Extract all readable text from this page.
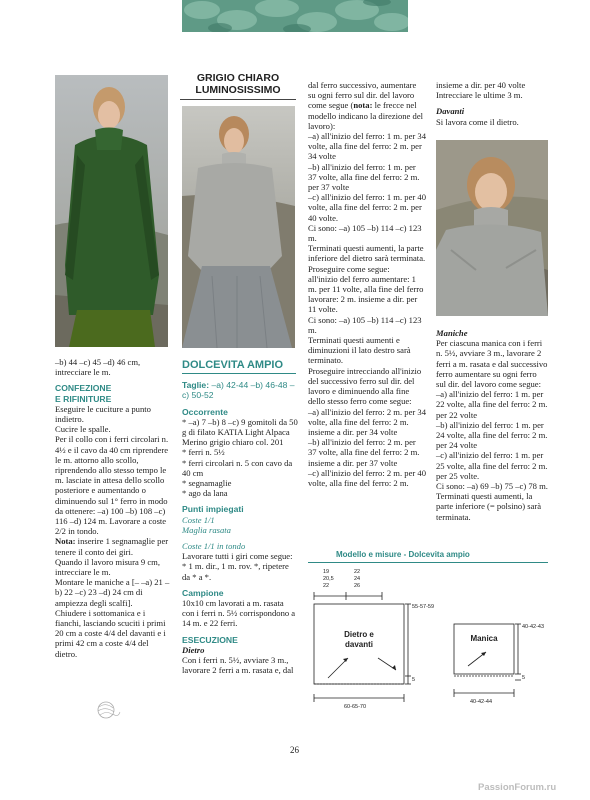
–b) 44 –c) 45 –d) 46 cm, intrecciare le m.

CONFEZIONE

E RIFINITURE

Eseguire le cuciture a punto indietro.

Cucire le spalle.

Per il collo con i ferri circolari n. 4½ e il cavo da 40 cm riprendere le m. attorno allo scollo, riprendendo allo stesso tempo le m. lasciate in attesa dello scollo posteriore e aumentando o diminuendo sul 1° ferro in modo da ottenere: –a) 100 –b) 108 –c) 116 –d) 124 m. Lavorare a coste 2/2 in tondo.

Nota: inserire 1 segnamaglie per tenere il conto dei giri.

Quando il lavoro misura 9 cm, intrecciare le m.

Montare le maniche a [– –a) 21 –b) 22 –c) 23 –d) 24 cm di ampiezza degli scalfi].

Chiudere i sottomanica e i fianchi, lasciando scuciti i primi 20 cm a coste 4/4 del davanti e i primi 42 cm a coste 4/4 del dietro.

GRIGIO CHIARO
LUMINOSISSIMO
DOLCEVITA AMPIO

Taglie: –a) 42-44 –b) 46-48 –c) 50-52

Occorrente

* –a) 7 –b) 8 –c) 9 gomitoli da 50 g di filato KATIA Light Alpaca Merino grigio chiaro col. 201

* ferri n. 5½

* ferri circolari n. 5 con cavo da 40 cm

* segnamaglie

* ago da lana

Punti impiegati

Coste 1/1

Maglia rasata

Coste 1/1 in tondo

Lavorare tutti i giri come segue: * 1 m. dir., 1 m. rov. *, ripetere da * a *.

Campione

10x10 cm lavorati a m. rasata con i ferri n. 5½ corrispondono a 14 m. e 22 ferri.

ESECUZIONE

Dietro

Con i ferri n. 5½, avviare 3 m., lavorare 2 ferri a m. rasata e, dal

dal ferro successivo, aumentare su ogni ferro sul dir. del lavoro come segue (nota: le frecce nel modello indicano la direzione del lavoro):

–a) all'inizio del ferro: 1 m. per 34 volte, alla fine del ferro: 2 m. per 34 volte

–b) all'inizio del ferro: 1 m. per 37 volte, alla fine del ferro: 2 m. per 37 volte

–c) all'inizio del ferro: 1 m. per 40 volte, alla fine del ferro: 2 m. per 40 volte.

Ci sono: –a) 105 –b) 114 –c) 123 m.

Terminati questi aumenti, la parte inferiore del dietro sarà terminata.

Proseguire come segue:

all'inizio del ferro aumentare: 1 m. per 11 volte, alla fine del ferro lavorare: 2 m. insieme a dir. per 11 volte.

Ci sono: –a) 105 –b) 114 –c) 123 m.

Terminati questi aumenti e diminuzioni il lato destro sarà terminato.

Proseguire intrecciando all'inizio del successivo ferro sul dir. del lavoro e diminuendo alla fine dello stesso ferro come segue:

–a) all'inizio del ferro: 2 m. per 34 volte, alla fine del ferro: 2 m. insieme a dir. per 34 volte

–b) all'inizio del ferro: 2 m. per 37 volte, alla fine del ferro: 2 m. insieme a dir. per 37 volte

–c) all'inizio del ferro: 2 m. per 40 volte, alla fine del ferro: 2 m.

insieme a dir. per 40 volte

Intrecciare le ultime 3 m.

Davanti

Si lavora come il dietro.

Maniche

Per ciascuna manica con i ferri n. 5½, avviare 3 m., lavorare 2 ferri a m. rasata e dal successivo ferro aumentare su ogni ferro sul dir. del lavoro come segue:

–a) all'inizio del ferro: 1 m. per 22 volte, alla fine del ferro: 2 m. per 22 volte

–b) all'inizio del ferro: 1 m. per 24 volte, alla fine del ferro: 2 m. per 24 volte

–c) all'inizio del ferro: 1 m. per 25 volte, alla fine del ferro: 2 m. per 25 volte.

Ci sono: –a) 69 –b) 75 –c) 78 m.

Terminati questi aumenti, la parte inferiore (= polsino) sarà terminata.

Modello e misure - Dolcevita ampio
19
20,5
22
22
24
26
55-57-59
Dietro e
davanti
5
60-65-70
Manica
40-42-43
5
40-42-44
26
PassionForum.ru
